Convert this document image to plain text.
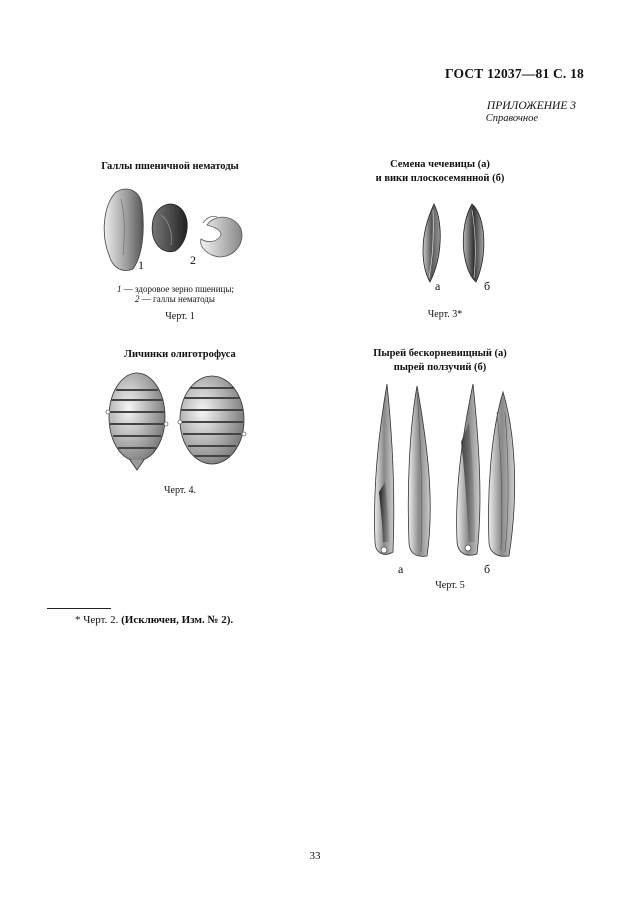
ГОСТ 12037—81 С. 18
ПРИЛОЖЕНИЕ 3
Справочное
Галлы пшеничной нематоды
1	2
1 — здоровое зерно пшеницы;
2 — галлы нематоды
Черт. 1
Семена чечевицы (а)
и вики плоскосемянной (б)
а	б
Черт. 3*
Личинки олиготрофуса
Черт. 4.
Пырей бескорневищный (а)
пырей ползучий (б)
а	б
Черт. 5
* Черт. 2. (Исключен, Изм. № 2).
33
